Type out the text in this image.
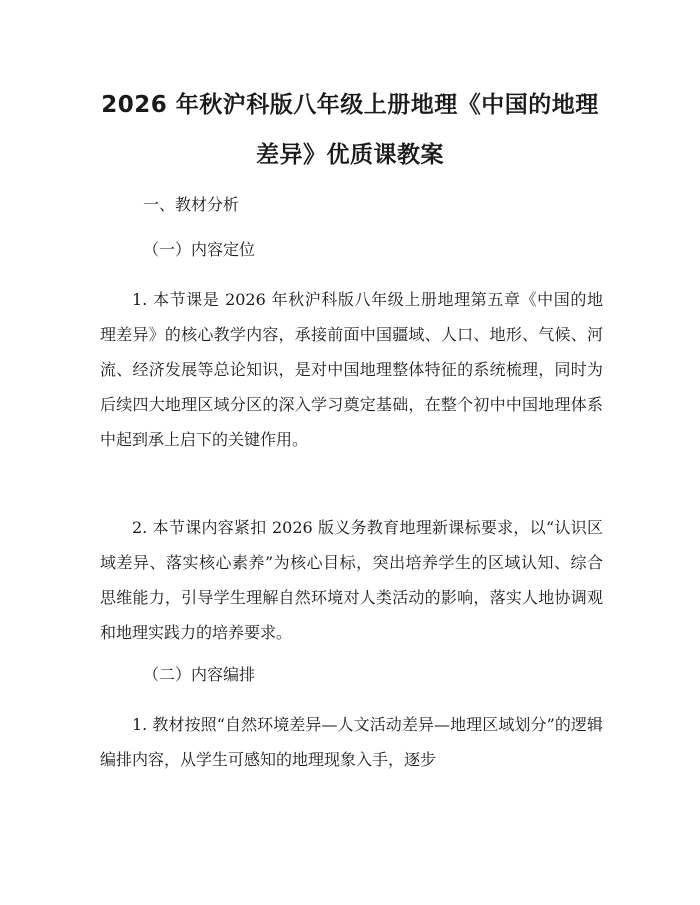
2026 年秋沪科版八年级上册地理《中国的地理差异》优质课教案

一、教材分析

（一）内容定位

1. 本节课是 2026 年秋沪科版八年级上册地理第五章《中国的地理差异》的核心教学内容，承接前面中国疆域、人口、地形、气候、河流、经济发展等总论知识，是对中国地理整体特征的系统梳理，同时为后续四大地理区域分区的深入学习奠定基础，在整个初中中国地理体系中起到承上启下的关键作用。

2. 本节课内容紧扣 2026 版义务教育地理新课标要求，以“认识区域差异、落实核心素养”为核心目标，突出培养学生的区域认知、综合思维能力，引导学生理解自然环境对人类活动的影响，落实人地协调观和地理实践力的培养要求。

（二）内容编排

1. 教材按照“自然环境差异—人文活动差异—地理区域划分”的逻辑编排内容，从学生可感知的地理现象入手，逐步
